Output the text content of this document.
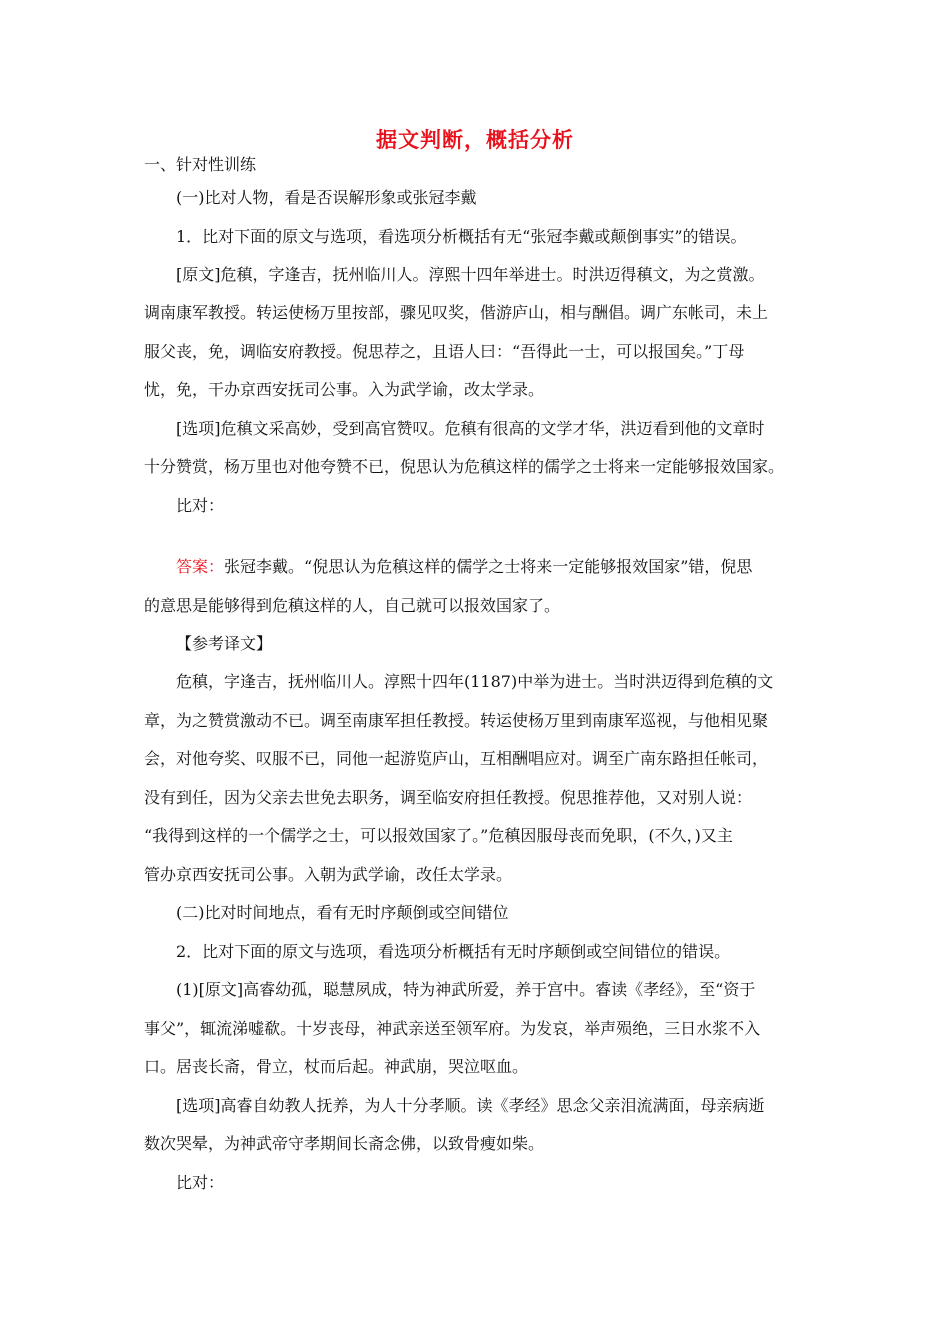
据文判断，概括分析
一、针对性训练
(一)比对人物，看是否误解形象或张冠李戴
1．比对下面的原文与选项，看选项分析概括有无“张冠李戴或颠倒事实”的错误。
[原文]危稹，字逢吉，抚州临川人。淳熙十四年举进士。时洪迈得稹文，为之赏激。
调南康军教授。转运使杨万里按部，骤见叹奖，偕游庐山，相与酬倡。调广东帐司，未上
服父丧，免，调临安府教授。倪思荐之，且语人曰：“吾得此一士，可以报国矣。”丁母
忧，免，干办京西安抚司公事。入为武学谕，改太学录。
[选项]危稹文采高妙，受到高官赞叹。危稹有很高的文学才华，洪迈看到他的文章时
十分赞赏，杨万里也对他夸赞不已，倪思认为危稹这样的儒学之士将来一定能够报效国家。
比对：
答案：张冠李戴。“倪思认为危稹这样的儒学之士将来一定能够报效国家”错，倪思
的意思是能够得到危稹这样的人，自己就可以报效国家了。
【参考译文】
危稹，字逢吉，抚州临川人。淳熙十四年(1187)中举为进士。当时洪迈得到危稹的文
章，为之赞赏激动不已。调至南康军担任教授。转运使杨万里到南康军巡视，与他相见聚
会，对他夸奖、叹服不已，同他一起游览庐山，互相酬唱应对。调至广南东路担任帐司，
没有到任，因为父亲去世免去职务，调至临安府担任教授。倪思推荐他，又对别人说：
“我得到这样的一个儒学之士，可以报效国家了。”危稹因服母丧而免职，(不久，)又主
管办京西安抚司公事。入朝为武学谕，改任太学录。
(二)比对时间地点，看有无时序颠倒或空间错位
2．比对下面的原文与选项，看选项分析概括有无时序颠倒或空间错位的错误。
(1)[原文]高睿幼孤，聪慧夙成，特为神武所爱，养于宫中。睿读《孝经》，至“资于
事父”，辄流涕嘘欷。十岁丧母，神武亲送至领军府。为发哀，举声殒绝，三日水浆不入
口。居丧长斋，骨立，杖而后起。神武崩，哭泣呕血。
[选项]高睿自幼教人抚养，为人十分孝顺。读《孝经》思念父亲泪流满面，母亲病逝
数次哭晕，为神武帝守孝期间长斋念佛，以致骨瘦如柴。
比对：
